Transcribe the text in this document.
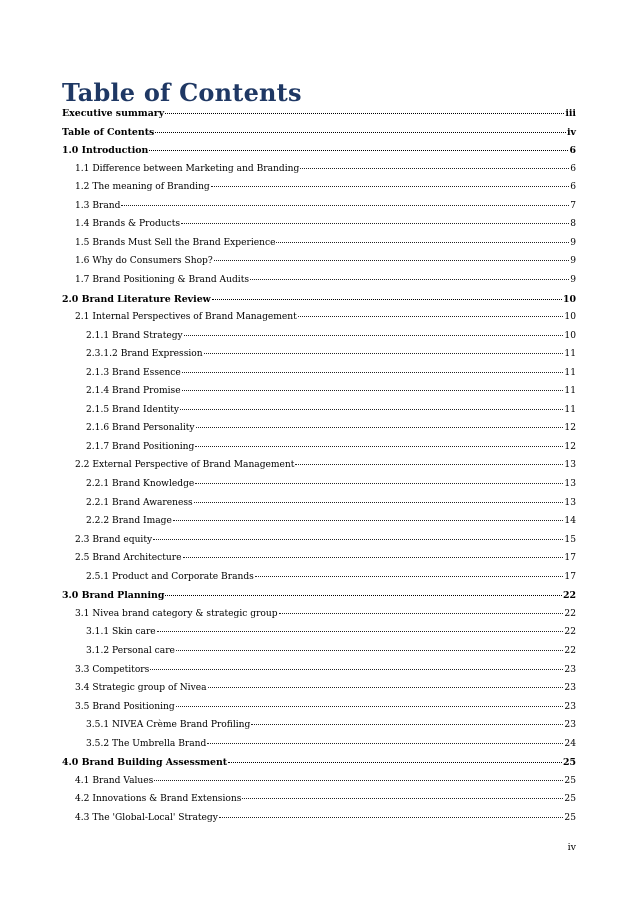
Table of Contents
Executive summary	iii
Table of Contents	iv
1.0 Introduction	6
1.1 Difference between Marketing and Branding	6
1.2 The meaning of Branding	6
1.3 Brand	7
1.4 Brands & Products	8
1.5 Brands Must Sell the Brand Experience	9
1.6 Why do Consumers Shop?	9
1.7 Brand Positioning & Brand Audits	9
2.0 Brand Literature Review	10
2.1 Internal Perspectives of Brand Management	10
2.1.1 Brand Strategy	10
2.3.1.2 Brand Expression	11
2.1.3 Brand Essence	11
2.1.4 Brand Promise	11
2.1.5 Brand Identity	11
2.1.6 Brand Personality	12
2.1.7 Brand Positioning	12
2.2 External Perspective of Brand Management	13
2.2.1 Brand Knowledge	13
2.2.1 Brand Awareness	13
2.2.2 Brand Image	14
2.3 Brand equity	15
2.5 Brand Architecture	17
2.5.1 Product and Corporate Brands	17
3.0 Brand Planning	22
3.1 Nivea brand category & strategic group	22
3.1.1 Skin care	22
3.1.2 Personal care	22
3.3 Competitors	23
3.4 Strategic group of Nivea	23
3.5 Brand Positioning	23
3.5.1 NIVEA Crème Brand Profiling	23
3.5.2 The Umbrella Brand	24
4.0 Brand Building Assessment	25
4.1 Brand Values	25
4.2 Innovations & Brand Extensions	25
4.3 The 'Global-Local' Strategy	25
iv
